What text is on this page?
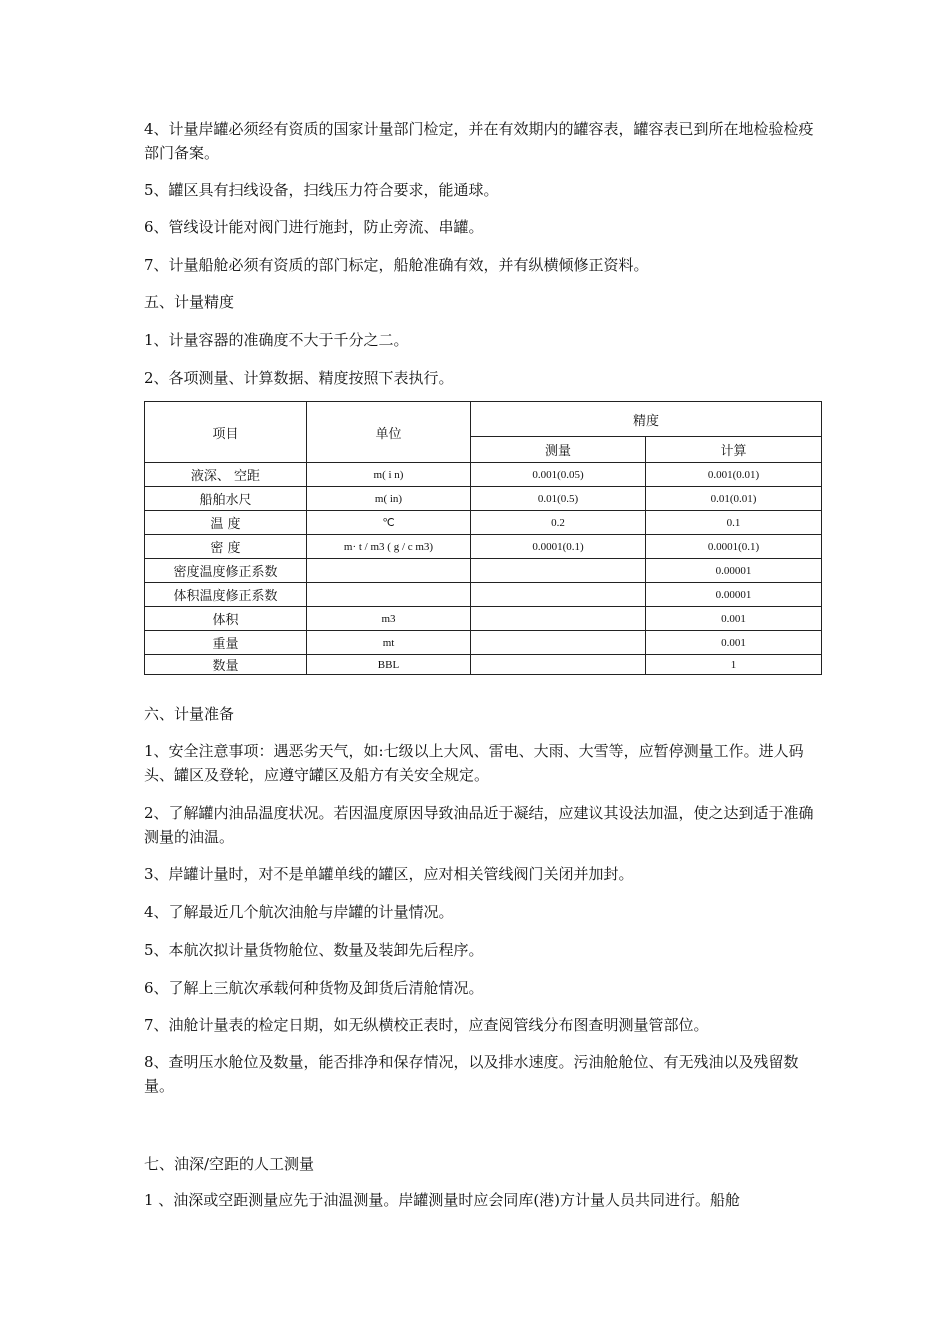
4、计量岸罐必须经有资质的国家计量部门检定，并在有效期内的罐容表，罐容表已到所在地检验检疫部门备案。

5、罐区具有扫线设备，扫线压力符合要求，能通球。

6、管线设计能对阀门进行施封，防止旁流、串罐。

7、计量船舱必须有资质的部门标定，船舱准确有效，并有纵横倾修正资料。

五、计量精度

1、计量容器的准确度不大于千分之二。

2、各项测量、计算数据、精度按照下表执行。

项目	单位	精度	
		测量	计算
液深、 空距	m( i n)	0.001(0.05)	0.001(0.01)
船舶水尺	m( in)	0.01(0.5)	0.01(0.01)
温 度	℃	0.2	0.1
密 度	m· t / m3 ( g / c m3)	0.0001(0.1)	0.0001(0.1)
密度温度修正系数			0.00001
体积温度修正系数			0.00001
体积	m3		0.001
重量	mt		0.001
数量	BBL		1

六、计量准备

1、安全注意事项：遇恶劣天气，如:七级以上大风、雷电、大雨、大雪等，应暂停测量工作。进人码头、罐区及登轮，应遵守罐区及船方有关安全规定。

2、了解罐内油品温度状况。若因温度原因导致油品近于凝结，应建议其设法加温，使之达到适于准确测量的油温。

3、岸罐计量时，对不是单罐单线的罐区，应对相关管线阀门关闭并加封。

4、了解最近几个航次油舱与岸罐的计量情况。

5、本航次拟计量货物舱位、数量及装卸先后程序。

6、了解上三航次承载何种货物及卸货后清舱情况。

7、油舱计量表的检定日期，如无纵横校正表时，应查阅管线分布图查明测量管部位。

8、查明压水舱位及数量，能否排净和保存情况，以及排水速度。污油舱舱位、有无残油以及残留数量。

七、油深/空距的人工测量

1 、油深或空距测量应先于油温测量。岸罐测量时应会同库(港)方计量人员共同进行。船舱
